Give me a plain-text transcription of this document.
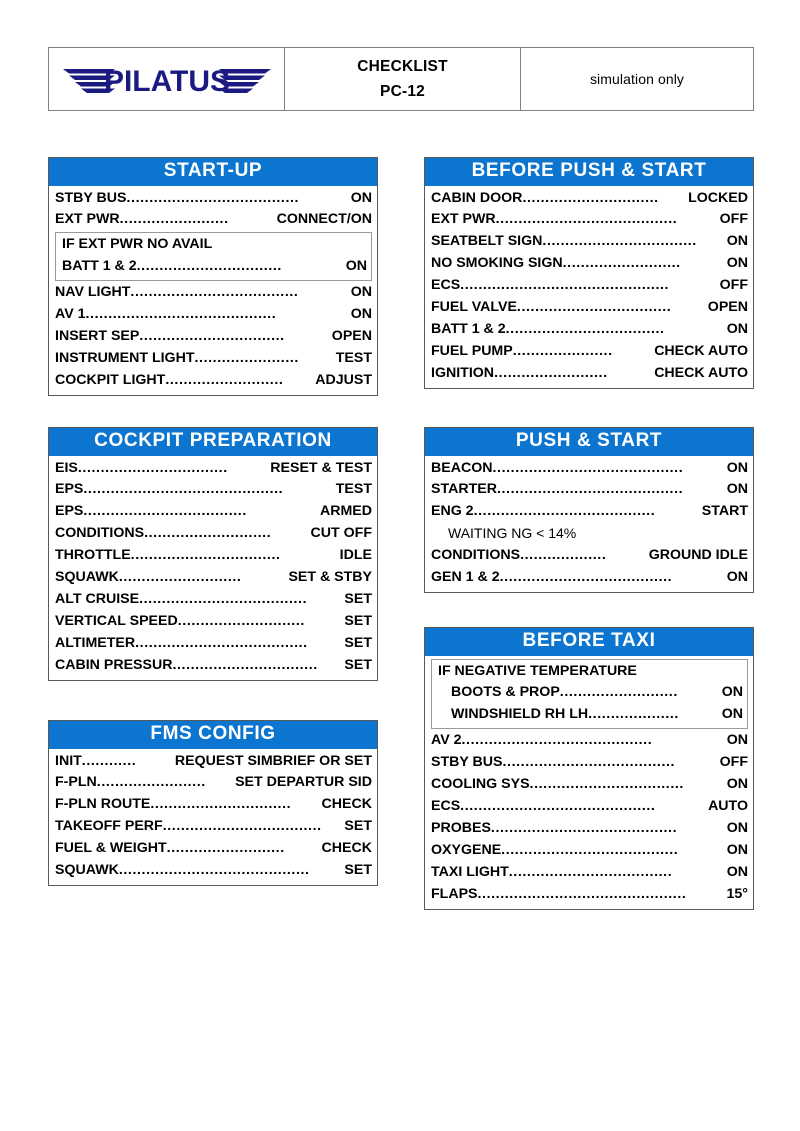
PILATUS	CHECKLIST
PC-12
simulation only
START-UP
STBY BUS ......................................	ON
EXT PWR ........................	CONNECT/ON
IF EXT PWR NO AVAIL
BATT 1 & 2 ................................	ON
NAV LIGHT .....................................	ON
AV 1 ..........................................	ON
INSERT SEP ................................	OPEN
INSTRUMENT LIGHT .......................	TEST
COCKPIT LIGHT ..........................	ADJUST
COCKPIT PREPARATION
EIS .................................	RESET & TEST
EPS ............................................	TEST
EPS ....................................	ARMED
CONDITIONS ............................	CUT OFF
THROTTLE .................................	IDLE
SQUAWK ...........................	SET & STBY
ALT CRUISE .....................................	SET
VERTICAL SPEED ............................	SET
ALTIMETER ......................................	SET
CABIN PRESSUR ................................	SET
FMS CONFIG
INIT ............	REQUEST SIMBRIEF OR SET
F-PLN ........................	SET DEPARTUR SID
F-PLN ROUTE ...............................	CHECK
TAKEOFF PERF ...................................	SET
FUEL & WEIGHT ..........................	CHECK
SQUAWK ..........................................	SET
BEFORE PUSH & START
CABIN DOOR ..............................	LOCKED
EXT PWR ........................................	OFF
SEATBELT SIGN ..................................	ON
NO SMOKING SIGN ..........................	ON
ECS ..............................................	OFF
FUEL VALVE ..................................	OPEN
BATT 1 & 2 ...................................	ON
FUEL PUMP ......................	CHECK AUTO
IGNITION .........................	CHECK AUTO
PUSH & START
BEACON ..........................................	ON
STARTER .........................................	ON
ENG 2 ........................................	START
WAITING NG < 14%
CONDITIONS ...................	GROUND IDLE
GEN 1 & 2 ......................................	ON
BEFORE TAXI
IF NEGATIVE TEMPERATURE
BOOTS & PROP ..........................	ON
WINDSHIELD RH LH ....................	ON
AV 2 ..........................................	ON
STBY BUS ......................................	OFF
COOLING SYS ..................................	ON
ECS ...........................................	AUTO
PROBES .........................................	ON
OXYGENE .......................................	ON
TAXI LIGHT ....................................	ON
FLAPS ..............................................	15°
